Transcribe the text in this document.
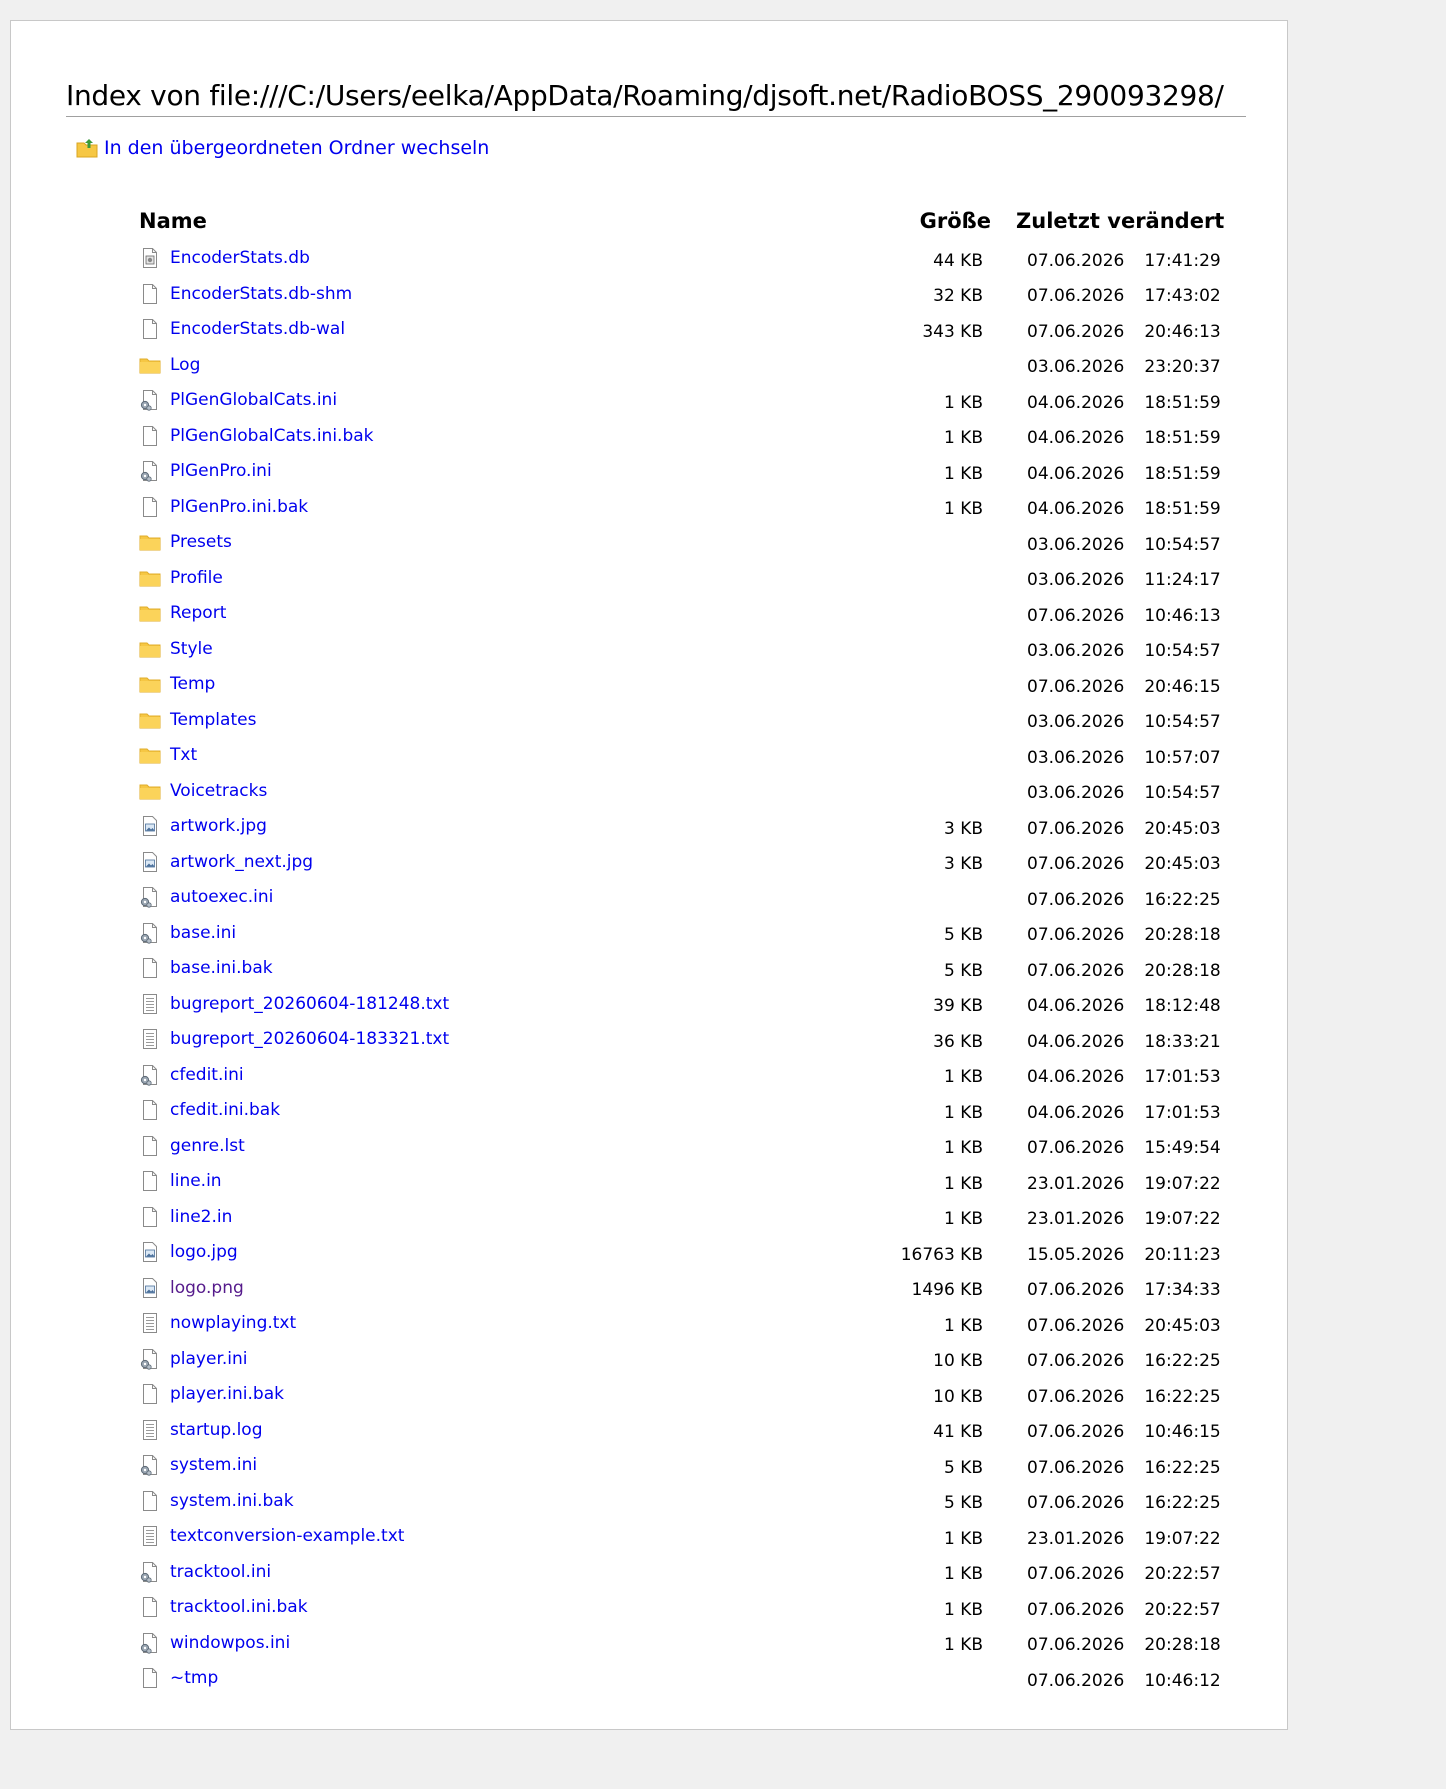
Index von file:///C:/Users/eelka/AppData/Roaming/djsoft.net/RadioBOSS_290093298/
In den übergeordneten Ordner wechseln
Name	Größe	Zuletzt verändert	

EncoderStats.db	44 KB	07.06.2026	17:41:29

EncoderStats.db-shm	32 KB	07.06.2026	17:43:02

EncoderStats.db-wal	343 KB	07.06.2026	20:46:13

Log		03.06.2026	23:20:37

PlGenGlobalCats.ini	1 KB	04.06.2026	18:51:59

PlGenGlobalCats.ini.bak	1 KB	04.06.2026	18:51:59

PlGenPro.ini	1 KB	04.06.2026	18:51:59

PlGenPro.ini.bak	1 KB	04.06.2026	18:51:59

Presets		03.06.2026	10:54:57

Profile		03.06.2026	11:24:17

Report		07.06.2026	10:46:13

Style		03.06.2026	10:54:57

Temp		07.06.2026	20:46:15

Templates		03.06.2026	10:54:57

Txt		03.06.2026	10:57:07

Voicetracks		03.06.2026	10:54:57

artwork.jpg	3 KB	07.06.2026	20:45:03

artwork_next.jpg	3 KB	07.06.2026	20:45:03

autoexec.ini		07.06.2026	16:22:25

base.ini	5 KB	07.06.2026	20:28:18

base.ini.bak	5 KB	07.06.2026	20:28:18

bugreport_20260604-181248.txt	39 KB	04.06.2026	18:12:48

bugreport_20260604-183321.txt	36 KB	04.06.2026	18:33:21

cfedit.ini	1 KB	04.06.2026	17:01:53

cfedit.ini.bak	1 KB	04.06.2026	17:01:53

genre.lst	1 KB	07.06.2026	15:49:54

line.in	1 KB	23.01.2026	19:07:22

line2.in	1 KB	23.01.2026	19:07:22

logo.jpg	16763 KB	15.05.2026	20:11:23

logo.png	1496 KB	07.06.2026	17:34:33

nowplaying.txt	1 KB	07.06.2026	20:45:03

player.ini	10 KB	07.06.2026	16:22:25

player.ini.bak	10 KB	07.06.2026	16:22:25

startup.log	41 KB	07.06.2026	10:46:15

system.ini	5 KB	07.06.2026	16:22:25

system.ini.bak	5 KB	07.06.2026	16:22:25

textconversion-example.txt	1 KB	23.01.2026	19:07:22

tracktool.ini	1 KB	07.06.2026	20:22:57

tracktool.ini.bak	1 KB	07.06.2026	20:22:57

windowpos.ini	1 KB	07.06.2026	20:28:18

~tmp		07.06.2026	10:46:12
